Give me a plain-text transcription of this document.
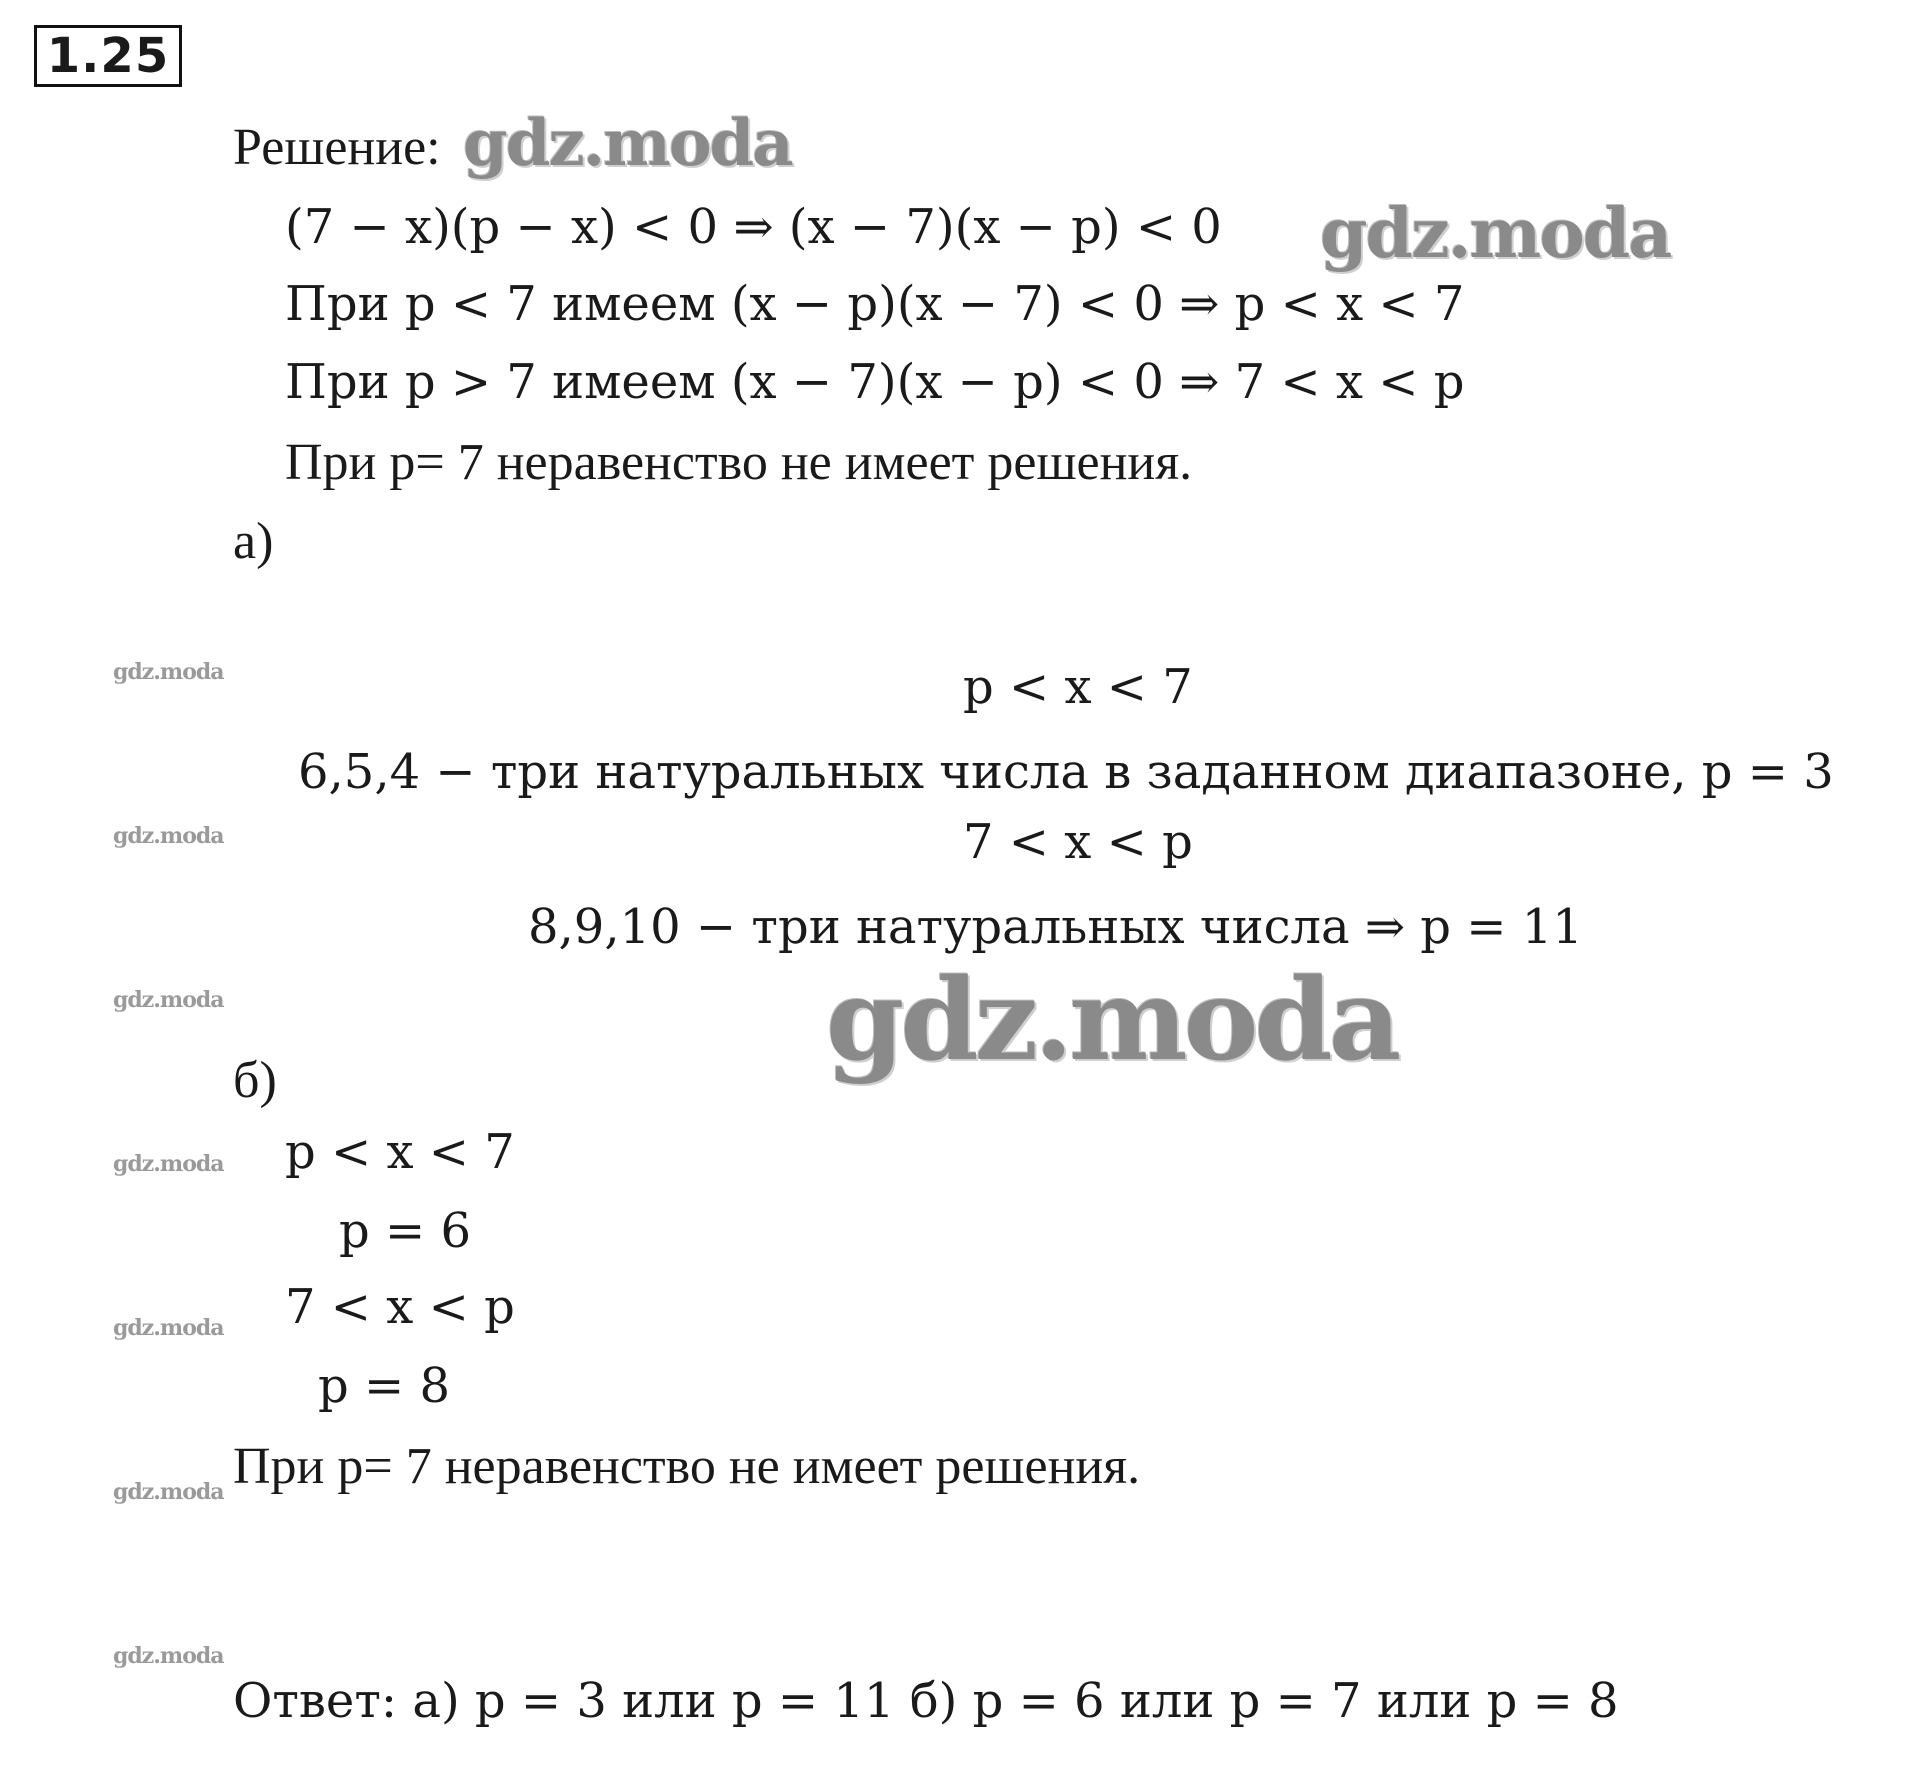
1.25
Решение: gdz.moda
(7 − x)(p − x) < 0 ⇒ (x − 7)(x − p) < 0 gdz.moda
При p < 7 имеем (x − p)(x − 7) < 0 ⇒ p < x < 7
При p > 7 имеем (x − 7)(x − p) < 0 ⇒ 7 < x < p
При p= 7 неравенство не имеет решения.
а)
gdz.moda	p < x < 7
6,5,4 − три натуральных числа в заданном диапазоне, p = 3
gdz.moda	7 < x < p
8,9,10 − три натуральных числа ⇒ p = 11
gdz.moda	gdz.moda
б)
gdz.moda p < x < 7
p = 6
gdz.moda 7 < x < p
p = 8
gdz.moda При p= 7 неравенство не имеет решения.
gdz.moda
Ответ: а) p = 3 или p = 11 б) p = 6 или p = 7 или p = 8
